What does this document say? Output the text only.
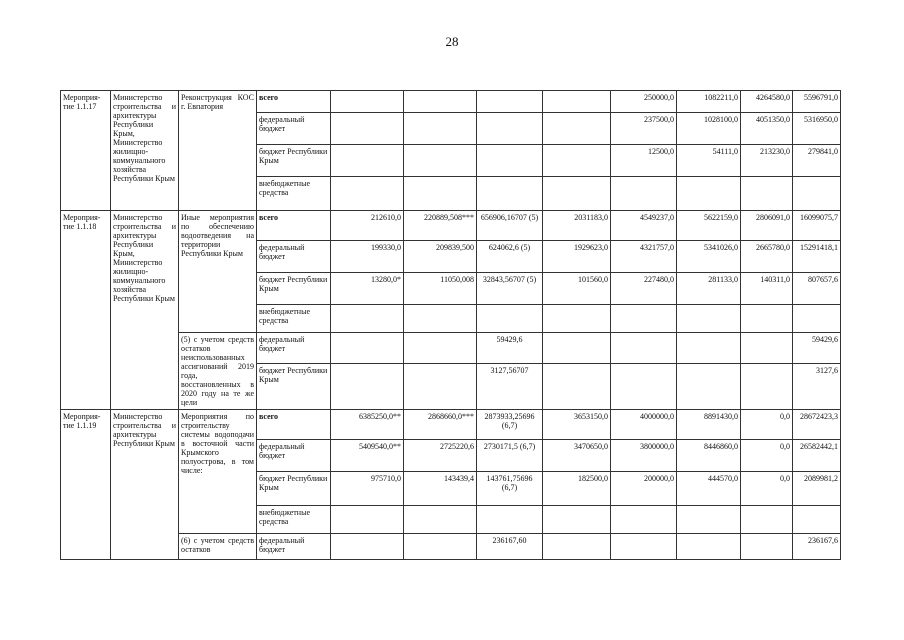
28
Мероприя-тие 1.1.17	Министерство строительства и архитектуры Республики Крым, Министерство жилищно-коммунального хозяйства Республики Крым	Реконструкция КОС г. Евпатория	всего					250000,0	1082211,0	4264580,0	5596791,0
			федеральный бюджет					237500,0	1028100,0	4051350,0	5316950,0
			бюджет Республики Крым					12500,0	54111,0	213230,0	279841,0
			внебюджетные средства								
Мероприя-тие 1.1.18	Министерство строительства и архитектуры Республики Крым, Министерство жилищно-коммунального хозяйства Республики Крым	Иные мероприятия по обеспечению водоотведения на территории Республики Крым	всего	212610,0	220889,508***	656906,16707 (5)	2031183,0	4549237,0	5622159,0	2806091,0	16099075,7
			федеральный бюджет	199330,0	209839,500	624062,6 (5)	1929623,0	4321757,0	5341026,0	2665780,0	15291418,1
			бюджет Республики Крым	13280,0*	11050,008	32843,56707 (5)	101560,0	227480,0	281133,0	140311,0	807657,6
			внебюджетные средства								
		(5) с учетом средств остатков неиспользованных ассигнований 2019 года, восстановленных в 2020 году на те же цели	федеральный бюджет			59429,6					59429,6
			бюджет Республики Крым			3127,56707					3127,6
Мероприя-тие 1.1.19	Министерство строительства и архитектуры Республики Крым	Мероприятия по строительству системы водоподачи в восточной части Крымского полуострова, в том числе:	всего	6385250,0**	2868660,0***	2873933,25696 (6,7)	3653150,0	4000000,0	8891430,0	0,0	28672423,3
			федеральный бюджет	5409540,0**	2725220,6	2730171,5 (6,7)	3470650,0	3800000,0	8446860,0	0,0	26582442,1
			бюджет Республики Крым	975710,0	143439,4	143761,75696 (6,7)	182500,0	200000,0	444570,0	0,0	2089981,2
			внебюджетные средства								
		(6) с учетом средств остатков	федеральный бюджет			236167,60					236167,6
